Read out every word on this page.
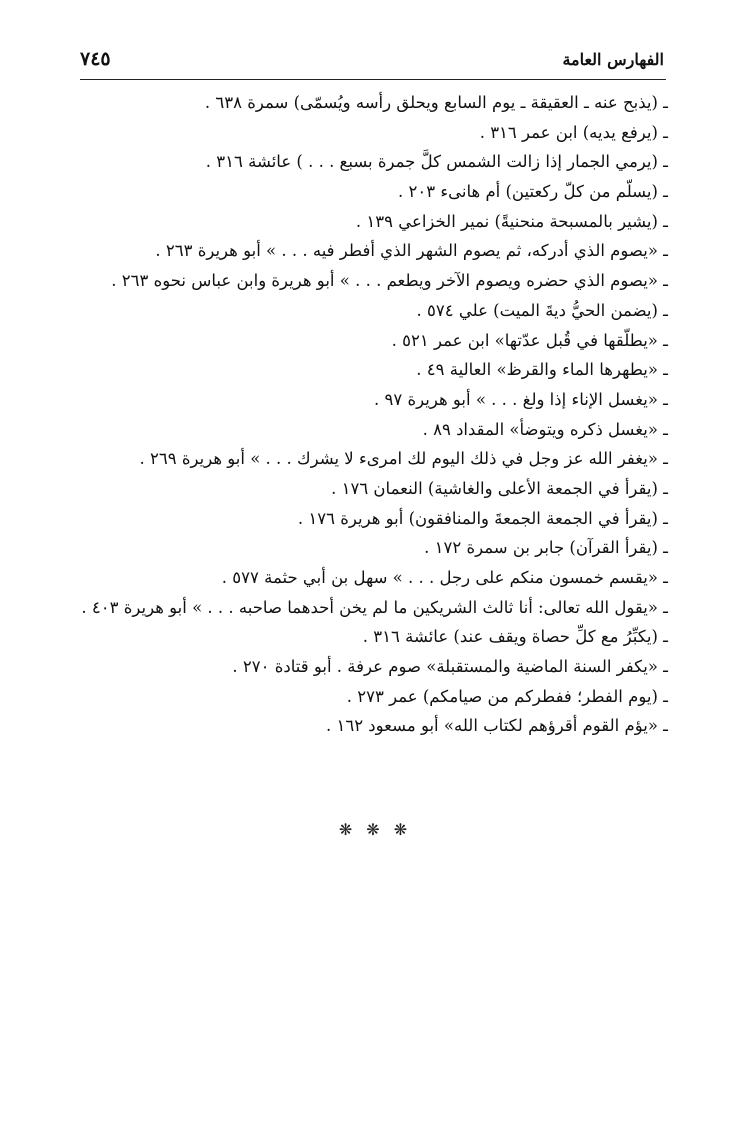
الفهارس العامة
٧٤٥
ـ (يذبح عنه ـ العقيقة ـ يوم السابع ويحلق رأسه ويُسمّى) سمرة ٦٣٨ .
ـ (يرفع يديه) ابن عمر ٣١٦ .
ـ (يرمي الجمار إذا زالت الشمس كلَّ جمرة بسبع . . . ) عائشة ٣١٦ .
ـ (يسلّم من كلّ ركعتين) أم هانىء ٢٠٣ .
ـ (يشير بالمسبحة منحنيةً) نمير الخزاعي ١٣٩ .
ـ «يصوم الذي أدركه، ثم يصوم الشهر الذي أفطر فيه . . . » أبو هريرة ٢٦٣ .
ـ «يصوم الذي حضره ويصوم الآخر ويطعم . . . » أبو هريرة وابن عباس نحوه ٢٦٣ .
ـ (يضمن الحيُّ ديةَ الميت) علي ٥٧٤ .
ـ «يطلّقها في قُبل عدّتها» ابن عمر ٥٢١ .
ـ «يطهرها الماء والقرظ» العالية ٤٩ .
ـ «يغسل الإناء إذا ولغ . . . » أبو هريرة ٩٧ .
ـ «يغسل ذكره ويتوضأ» المقداد ٨٩ .
ـ «يغفر الله عز وجل في ذلك اليوم لك امرىء لا يشرك . . . » أبو هريرة ٢٦٩ .
ـ (يقرأ في الجمعة الأعلى والغاشية) النعمان ١٧٦ .
ـ (يقرأ في الجمعة الجمعةَ والمنافقون) أبو هريرة ١٧٦ .
ـ (يقرأ القرآن) جابر بن سمرة ١٧٢ .
ـ «يقسم خمسون منكم على رجل . . . » سهل بن أبي حثمة ٥٧٧ .
ـ «يقول الله تعالى: أنا ثالث الشريكين ما لم يخن أحدهما صاحبه . . . » أبو هريرة ٤٠٣ .
ـ (يكبِّرُ مع كلِّ حصاة ويقف عند) عائشة ٣١٦ .
ـ «يكفر السنة الماضية والمستقبلة» صوم عرفة . أبو قتادة ٢٧٠ .
ـ (يوم الفطر؛ ففطركم من صيامكم) عمر ٢٧٣ .
ـ «يؤم القوم أقرؤهم لكتاب الله» أبو مسعود ١٦٢ .
❋❋❋
